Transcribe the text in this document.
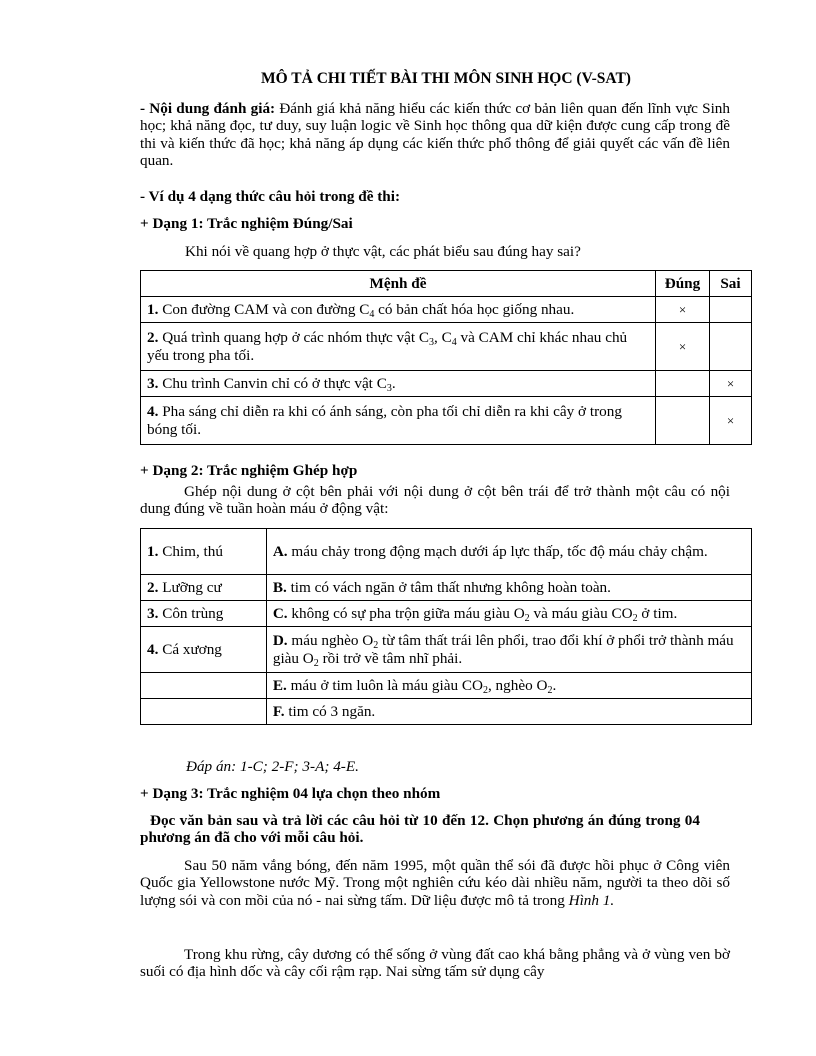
MÔ TẢ CHI TIẾT BÀI THI MÔN SINH HỌC (V-SAT)
- Nội dung đánh giá: Đánh giá khả năng hiểu các kiến thức cơ bản liên quan đến lĩnh vực Sinh học; khả năng đọc, tư duy, suy luận logic về Sinh học thông qua dữ kiện được cung cấp trong đề thi và kiến thức đã học; khả năng áp dụng các kiến thức phổ thông để giải quyết các vấn đề liên quan.
- Ví dụ 4 dạng thức câu hỏi trong đề thi:
+ Dạng 1: Trắc nghiệm Đúng/Sai
Khi nói về quang hợp ở thực vật, các phát biểu sau đúng hay sai?
Mệnh đề	Đúng	Sai
1. Con đường CAM và con đường $C_4$ có bản chất hóa học giống nhau.	×	
2. Quá trình quang hợp ở các nhóm thực vật $C_3$, $C_4$ và CAM chỉ khác nhau chủ yếu trong pha tối.	×	
3. Chu trình Canvin chỉ có ở thực vật $C_3$.		×
4. Pha sáng chỉ diễn ra khi có ánh sáng, còn pha tối chỉ diễn ra khi cây ở trong bóng tối.		×
+ Dạng 2: Trắc nghiệm Ghép hợp
Ghép nội dung ở cột bên phải với nội dung ở cột bên trái để trở thành một câu có nội dung đúng về tuần hoàn máu ở động vật:
1. Chim, thú	A. máu chảy trong động mạch dưới áp lực thấp, tốc độ máu chảy chậm.
2. Lưỡng cư	B. tim có vách ngăn ở tâm thất nhưng không hoàn toàn.
3. Côn trùng	C. không có sự pha trộn giữa máu giàu $O_2$ và máu giàu $CO_2$ ở tim.
4. Cá xương	D. máu nghèo $O_2$ từ tâm thất trái lên phổi, trao đổi khí ở phổi trở thành máu giàu $O_2$ rồi trở về tâm nhĩ phải.
	E. máu ở tim luôn là máu giàu $CO_2$, nghèo $O_2$.
	F. tim có 3 ngăn.
Đáp án: 1-C; 2-F; 3-A; 4-E.
+ Dạng 3: Trắc nghiệm 04 lựa chọn theo nhóm
Đọc văn bản sau và trả lời các câu hỏi từ 10 đến 12. Chọn phương án đúng trong 04 phương án đã cho với mỗi câu hỏi.
Sau 50 năm vắng bóng, đến năm 1995, một quần thể sói đã được hồi phục ở Công viên Quốc gia Yellowstone nước Mỹ. Trong một nghiên cứu kéo dài nhiều năm, người ta theo dõi số lượng sói và con mồi của nó - nai sừng tấm. Dữ liệu được mô tả trong Hình 1.
Trong khu rừng, cây dương có thể sống ở vùng đất cao khá bằng phẳng và ở vùng ven bờ suối có địa hình dốc và cây cối rậm rạp. Nai sừng tấm sử dụng cây
